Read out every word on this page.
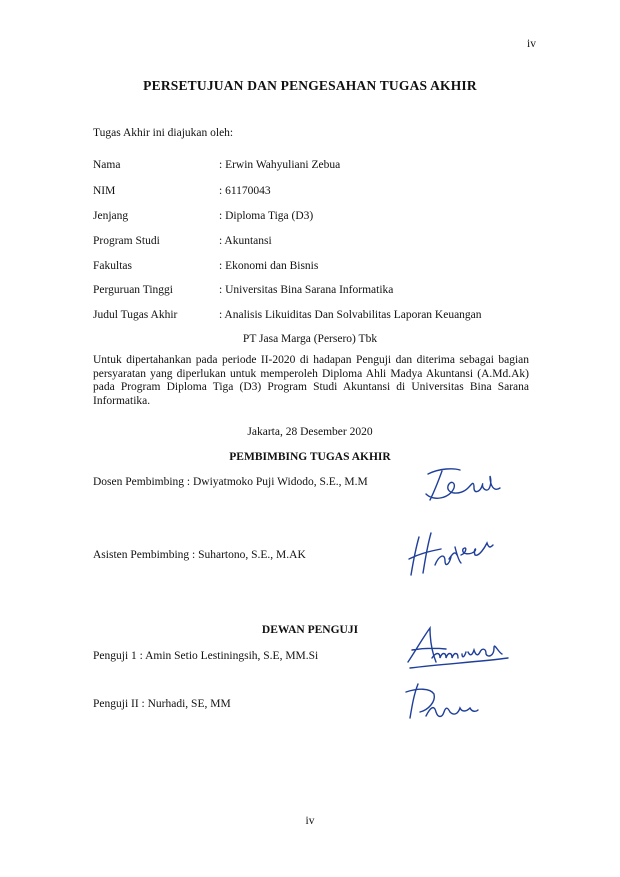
iv
PERSETUJUAN DAN PENGESAHAN TUGAS AKHIR
Tugas Akhir ini diajukan oleh:
Nama	: Erwin Wahyuliani Zebua
NIM	: 61170043
Jenjang	: Diploma Tiga (D3)
Program Studi	: Akuntansi
Fakultas	: Ekonomi dan Bisnis
Perguruan Tinggi	: Universitas Bina Sarana Informatika
Judul Tugas Akhir	: Analisis Likuiditas Dan Solvabilitas Laporan Keuangan
PT Jasa Marga (Persero) Tbk
Untuk dipertahankan pada periode II-2020 di hadapan Penguji dan diterima sebagai bagian persyaratan yang diperlukan untuk memperoleh Diploma Ahli Madya Akuntansi (A.Md.Ak) pada Program Diploma Tiga (D3) Program Studi Akuntansi di Universitas Bina Sarana Informatika.
Jakarta, 28 Desember 2020
PEMBIMBING TUGAS AKHIR
Dosen Pembimbing : Dwiyatmoko Puji Widodo, S.E., M.M
Asisten Pembimbing : Suhartono, S.E., M.AK
DEWAN PENGUJI
Penguji 1 : Amin Setio Lestiningsih, S.E, MM.Si
Penguji II : Nurhadi, SE, MM
iv
